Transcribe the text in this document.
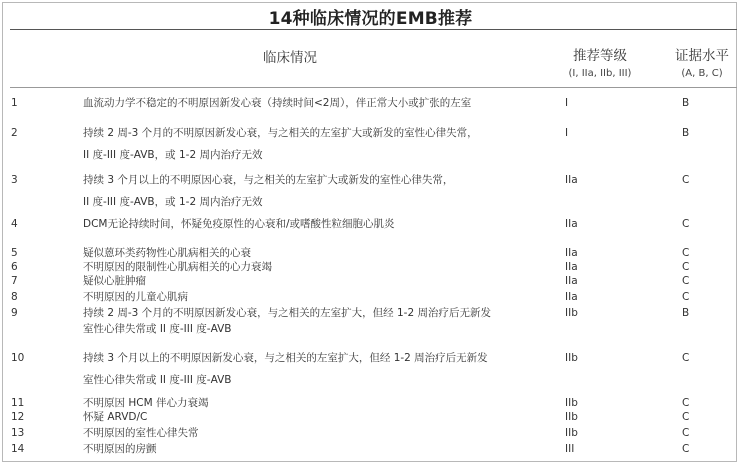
14种临床情况的EMB推荐
临床情况	推荐等级
(I, IIa, IIb, III)
证据水平
(A, B, C)
1	血流动力学不稳定的不明原因新发心衰（持续时间<2周），伴正常大小或扩张的左室	I	B
2	持续 2 周-3 个月的不明原因新发心衰，与之相关的左室扩大或新发的室性心律失常，
II 度-III 度-AVB，或 1-2 周内治疗无效
I	B
3	持续 3 个月以上的不明原因心衰，与之相关的左室扩大或新发的室性心律失常，
II 度-III 度-AVB，或 1-2 周内治疗无效
IIa	C
4	DCM无论持续时间，怀疑免疫原性的心衰和/或嗜酸性粒细胞心肌炎	IIa	C
5	疑似蒽环类药物性心肌病相关的心衰	IIa	C
6	不明原因的限制性心肌病相关的心力衰竭	IIa	C
7	疑似心脏肿瘤	IIa	C
8	不明原因的儿童心肌病	IIa	C
9	持续 2 周-3 个月的不明原因新发心衰，与之相关的左室扩大，但经 1-2 周治疗后无新发
室性心律失常或 II 度-III 度-AVB
IIb	B
10	持续 3 个月以上的不明原因新发心衰，与之相关的左室扩大，但经 1-2 周治疗后无新发
室性心律失常或 II 度-III 度-AVB
IIb	C
11	不明原因 HCM 伴心力衰竭	IIb	C
12	怀疑 ARVD/C	IIb	C
13	不明原因的室性心律失常	IIb	C
14	不明原因的房颤	III	C
